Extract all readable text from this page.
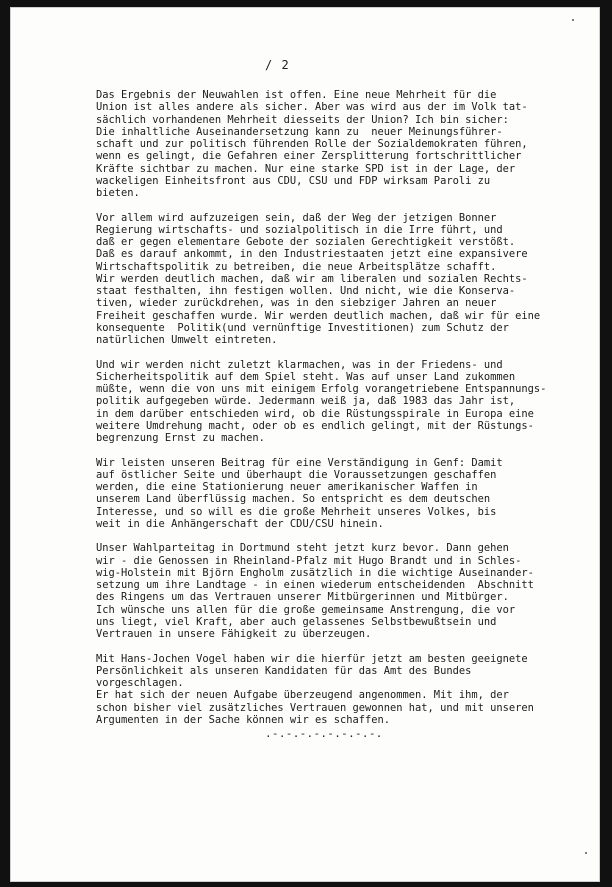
/ 2

Das Ergebnis der Neuwahlen ist offen. Eine neue Mehrheit für die
Union ist alles andere als sicher. Aber was wird aus der im Volk tat-
sächlich vorhandenen Mehrheit diesseits der Union? Ich bin sicher:
Die inhaltliche Auseinandersetzung kann zu  neuer Meinungsführer-
schaft und zur politisch führenden Rolle der Sozialdemokraten führen,
wenn es gelingt, die Gefahren einer Zersplitterung fortschrittlicher
Kräfte sichtbar zu machen. Nur eine starke SPD ist in der Lage, der
wackeligen Einheitsfront aus CDU, CSU und FDP wirksam Paroli zu
bieten.

Vor allem wird aufzuzeigen sein, daß der Weg der jetzigen Bonner
Regierung wirtschafts- und sozialpolitisch in die Irre führt, und
daß er gegen elementare Gebote der sozialen Gerechtigkeit verstößt.
Daß es darauf ankommt, in den Industriestaaten jetzt eine expansivere
Wirtschaftspolitik zu betreiben, die neue Arbeitsplätze schafft.
Wir werden deutlich machen, daß wir am liberalen und sozialen Rechts-
staat festhalten, ihn festigen wollen. Und nicht, wie die Konserva-
tiven, wieder zurückdrehen, was in den siebziger Jahren an neuer
Freiheit geschaffen wurde. Wir werden deutlich machen, daß wir für eine
konsequente  Politik(und vernünftige Investitionen) zum Schutz der
natürlichen Umwelt eintreten.

Und wir werden nicht zuletzt klarmachen, was in der Friedens- und
Sicherheitspolitik auf dem Spiel steht. Was auf unser Land zukommen
müßte, wenn die von uns mit einigem Erfolg vorangetriebene Entspannungs-
politik aufgegeben würde. Jedermann weiß ja, daß 1983 das Jahr ist,
in dem darüber entschieden wird, ob die Rüstungsspirale in Europa eine
weitere Umdrehung macht, oder ob es endlich gelingt, mit der Rüstungs-
begrenzung Ernst zu machen.

Wir leisten unseren Beitrag für eine Verständigung in Genf: Damit
auf östlicher Seite und überhaupt die Voraussetzungen geschaffen
werden, die eine Stationierung neuer amerikanischer Waffen in
unserem Land überflüssig machen. So entspricht es dem deutschen
Interesse, und so will es die große Mehrheit unseres Volkes, bis
weit in die Anhängerschaft der CDU/CSU hinein.

Unser Wahlparteitag in Dortmund steht jetzt kurz bevor. Dann gehen
wir - die Genossen in Rheinland-Pfalz mit Hugo Brandt und in Schles-
wig-Holstein mit Björn Engholm zusätzlich in die wichtige Auseinander-
setzung um ihre Landtage - in einen wiederum entscheidenden  Abschnitt
des Ringens um das Vertrauen unserer Mitbürgerinnen und Mitbürger.
Ich wünsche uns allen für die große gemeinsame Anstrengung, die vor
uns liegt, viel Kraft, aber auch gelassenes Selbstbewußtsein und
Vertrauen in unsere Fähigkeit zu überzeugen.

Mit Hans-Jochen Vogel haben wir die hierfür jetzt am besten geeignete
Persönlichkeit als unseren Kandidaten für das Amt des Bundes
vorgeschlagen.
Er hat sich der neuen Aufgabe überzeugend angenommen. Mit ihm, der
schon bisher viel zusätzliches Vertrauen gewonnen hat, und mit unseren
Argumenten in der Sache können wir es schaffen.

.-.-.-.-.-.-.-.-.
